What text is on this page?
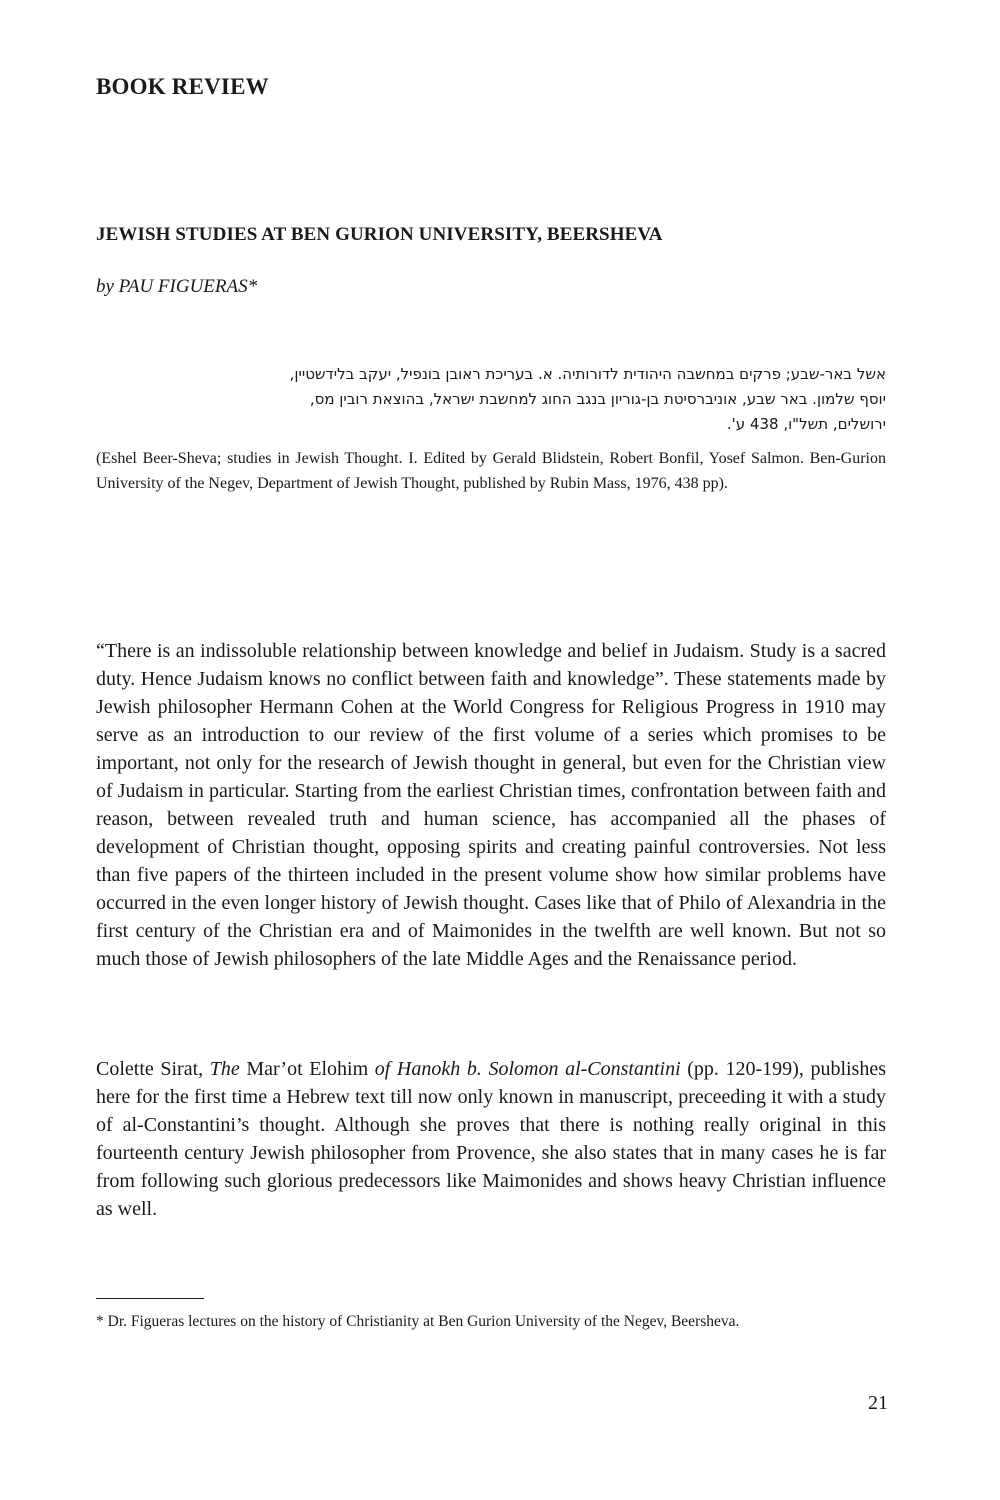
BOOK REVIEW
JEWISH STUDIES AT BEN GURION UNIVERSITY, BEERSHEVA

by PAU FIGUERAS*

אשל באר-שבע; פרקים במחשבה היהודית לדורותיה. א. בעריכת ראובן בונפיל, יעקב בלידשטיין,
יוסף שלמון. באר שבע, אוניברסיטת בן-גוריון בנגב החוג למחשבת ישראל, בהוצאת רובין מס,
ירושלים, תשל"ו, 438 ע'.

(Eshel Beer-Sheva; studies in Jewish Thought. I. Edited by Gerald Blidstein, Robert Bonfil, Yosef Salmon. Ben-Gurion University of the Negev, Department of Jewish Thought, published by Rubin Mass, 1976, 438 pp).

“There is an indissoluble relationship between knowledge and belief in Judaism. Study is a sacred duty. Hence Judaism knows no conflict between faith and knowledge”. These statements made by Jewish philosopher Hermann Cohen at the World Congress for Religious Progress in 1910 may serve as an introduction to our review of the first volume of a series which promises to be important, not only for the research of Jewish thought in general, but even for the Christian view of Judaism in particular. Starting from the earliest Christian times, confrontation between faith and reason, between revealed truth and human science, has accompanied all the phases of development of Christian thought, opposing spirits and creating painful controversies. Not less than five papers of the thirteen included in the present volume show how similar problems have occurred in the even longer history of Jewish thought. Cases like that of Philo of Alexandria in the first century of the Christian era and of Maimonides in the twelfth are well known. But not so much those of Jewish philosophers of the late Middle Ages and the Renaissance period.

Colette Sirat, The Mar’ot Elohim of Hanokh b. Solomon al-Constantini (pp. 120-199), publishes here for the first time a Hebrew text till now only known in manuscript, preceeding it with a study of al-Constantini’s thought. Although she proves that there is nothing really original in this fourteenth century Jewish philosopher from Provence, she also states that in many cases he is far from following such glorious predecessors like Maimonides and shows heavy Christian influence as well.

* Dr. Figueras lectures on the history of Christianity at Ben Gurion University of the Negev, Beersheva.

21
